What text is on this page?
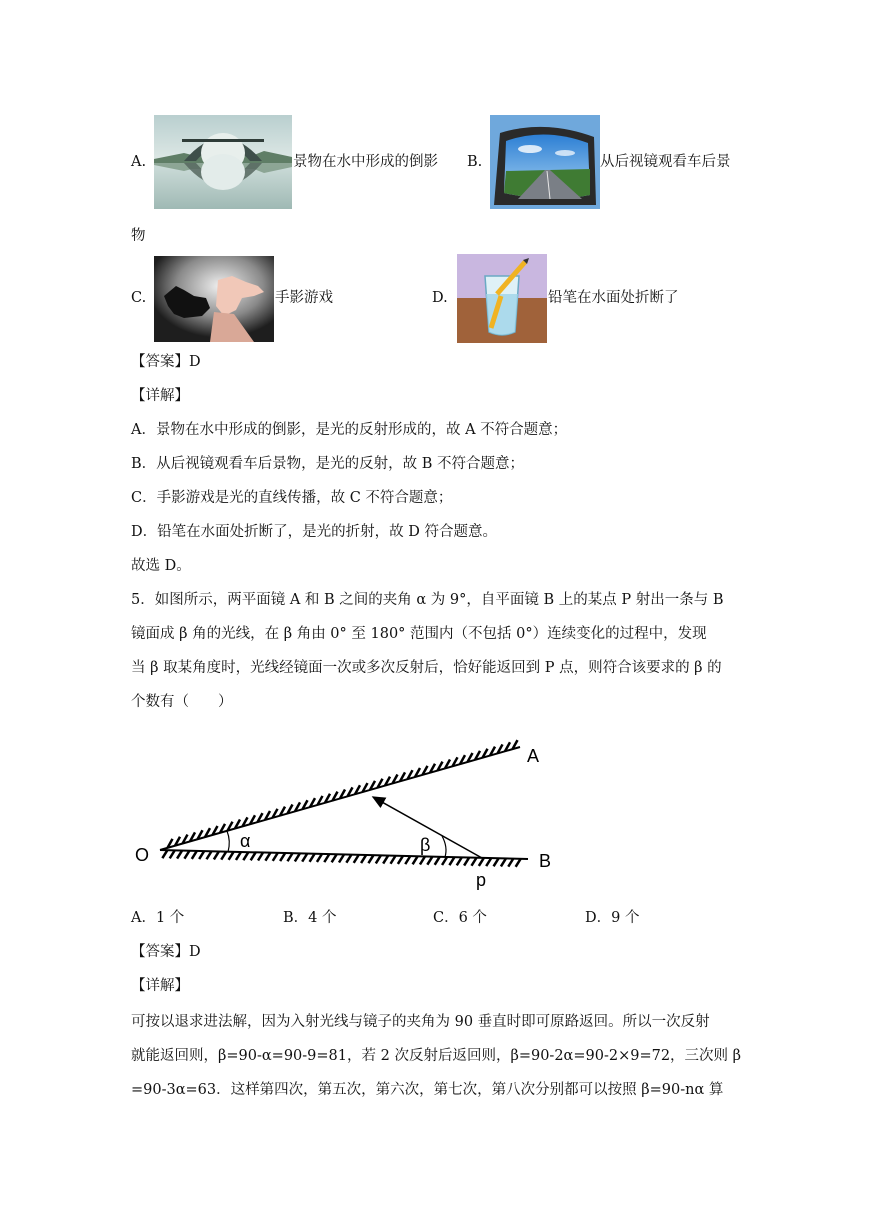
A.	景物在水中形成的倒影 B.	从后视镜观看车后景
物
C.	手影游戏	D.	铅笔在水面处折断了
【答案】D
【详解】
A．景物在水中形成的倒影，是光的反射形成的，故 A 不符合题意；
B．从后视镜观看车后景物，是光的反射，故 B 不符合题意；
C．手影游戏是光的直线传播，故 C 不符合题意；
D．铅笔在水面处折断了，是光的折射，故 D 符合题意。
故选 D。
5．如图所示，两平面镜 A 和 B 之间的夹角 α 为 9°，自平面镜 B 上的某点 P 射出一条与 B
镜面成 β 角的光线，在 β 角由 0° 至 180° 范围内（不包括 0°）连续变化的过程中，发现
当 β 取某角度时，光线经镜面一次或多次反射后，恰好能返回到 P 点，则符合该要求的 β 的
个数有（　　）
O
A
B
p
α	β
A．1 个	B．4 个	C．6 个	D．9 个
【答案】D
【详解】
可按以退求进法解，因为入射光线与镜子的夹角为 90 垂直时即可原路返回。所以一次反射
就能返回则，β=90-α=90-9=81，若 2 次反射后返回则，β=90-2α=90-2×9=72，三次则 β
=90-3α=63．这样第四次，第五次，第六次，第七次，第八次分别都可以按照 β=90-nα 算
